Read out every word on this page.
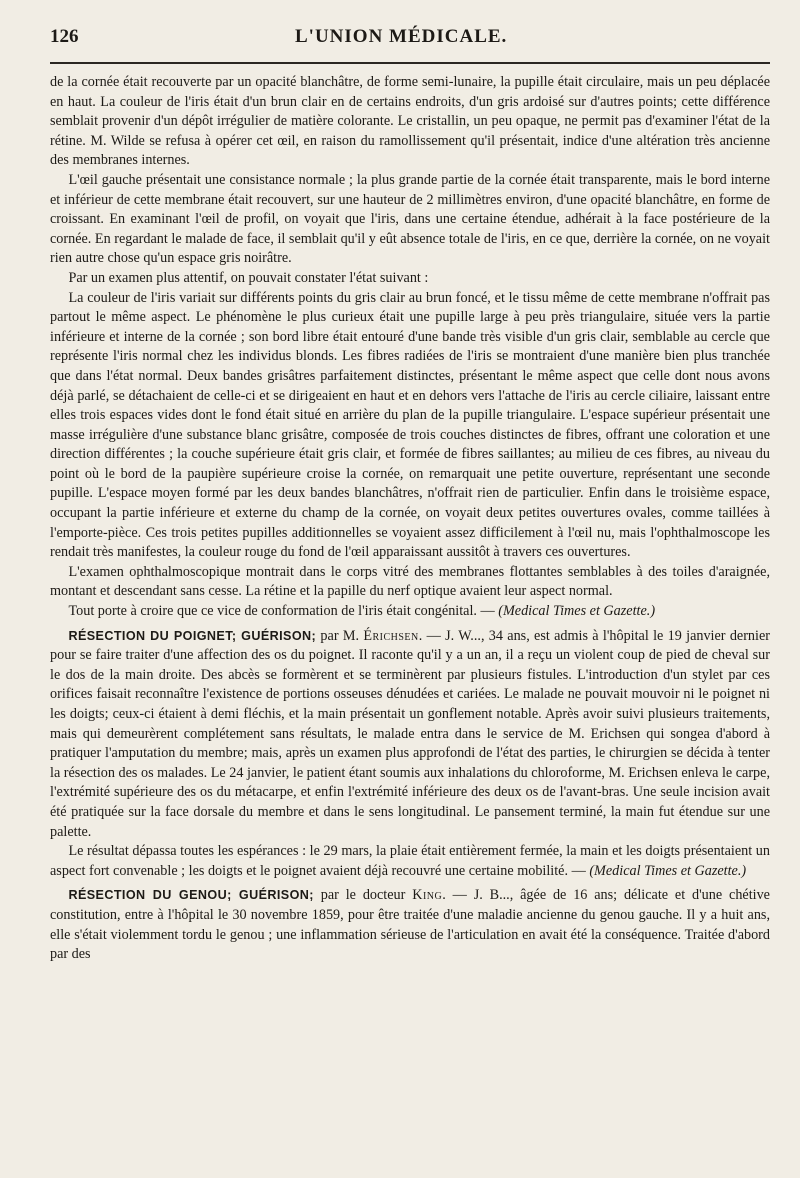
126	L'UNION MÉDICALE.

de la cornée était recouverte par un opacité blanchâtre, de forme semi-lunaire, la pupille était circulaire, mais un peu déplacée en haut. La couleur de l'iris était d'un brun clair en de certains endroits, d'un gris ardoisé sur d'autres points; cette différence semblait provenir d'un dépôt irrégulier de matière colorante. Le cristallin, un peu opaque, ne permit pas d'examiner l'état de la rétine. M. Wilde se refusa à opérer cet œil, en raison du ramollissement qu'il présentait, indice d'une altération très ancienne des membranes internes.

L'œil gauche présentait une consistance normale ; la plus grande partie de la cornée était transparente, mais le bord interne et inférieur de cette membrane était recouvert, sur une hauteur de 2 millimètres environ, d'une opacité blanchâtre, en forme de croissant. En examinant l'œil de profil, on voyait que l'iris, dans une certaine étendue, adhérait à la face postérieure de la cornée. En regardant le malade de face, il semblait qu'il y eût absence totale de l'iris, en ce que, derrière la cornée, on ne voyait rien autre chose qu'un espace gris noirâtre.

Par un examen plus attentif, on pouvait constater l'état suivant :

La couleur de l'iris variait sur différents points du gris clair au brun foncé, et le tissu même de cette membrane n'offrait pas partout le même aspect. Le phénomène le plus curieux était une pupille large à peu près triangulaire, située vers la partie inférieure et interne de la cornée ; son bord libre était entouré d'une bande très visible d'un gris clair, semblable au cercle que représente l'iris normal chez les individus blonds. Les fibres radiées de l'iris se montraient d'une manière bien plus tranchée que dans l'état normal. Deux bandes grisâtres parfaitement distinctes, présentant le même aspect que celle dont nous avons déjà parlé, se détachaient de celle-ci et se dirigeaient en haut et en dehors vers l'attache de l'iris au cercle ciliaire, laissant entre elles trois espaces vides dont le fond était situé en arrière du plan de la pupille triangulaire. L'espace supérieur présentait une masse irrégulière d'une substance blanc grisâtre, composée de trois couches distinctes de fibres, offrant une coloration et une direction différentes ; la couche supérieure était gris clair, et formée de fibres saillantes; au milieu de ces fibres, au niveau du point où le bord de la paupière supérieure croise la cornée, on remarquait une petite ouverture, représentant une seconde pupille. L'espace moyen formé par les deux bandes blanchâtres, n'offrait rien de particulier. Enfin dans le troisième espace, occupant la partie inférieure et externe du champ de la cornée, on voyait deux petites ouvertures ovales, comme taillées à l'emporte-pièce. Ces trois petites pupilles additionnelles se voyaient assez difficilement à l'œil nu, mais l'ophthalmoscope les rendait très manifestes, la couleur rouge du fond de l'œil apparaissant aussitôt à travers ces ouvertures.

L'examen ophthalmoscopique montrait dans le corps vitré des membranes flottantes semblables à des toiles d'araignée, montant et descendant sans cesse. La rétine et la papille du nerf optique avaient leur aspect normal.

Tout porte à croire que ce vice de conformation de l'iris était congénital. — (Medical Times et Gazette.)

RÉSECTION DU POIGNET; GUÉRISON; par M. Érichsen. — J. W..., 34 ans, est admis à l'hôpital le 19 janvier dernier pour se faire traiter d'une affection des os du poignet. Il raconte qu'il y a un an, il a reçu un violent coup de pied de cheval sur le dos de la main droite. Des abcès se formèrent et se terminèrent par plusieurs fistules. L'introduction d'un stylet par ces orifices faisait reconnaître l'existence de portions osseuses dénudées et cariées. Le malade ne pouvait mouvoir ni le poignet ni les doigts; ceux-ci étaient à demi fléchis, et la main présentait un gonflement notable. Après avoir suivi plusieurs traitements, mais qui demeurèrent complétement sans résultats, le malade entra dans le service de M. Erichsen qui songea d'abord à pratiquer l'amputation du membre; mais, après un examen plus approfondi de l'état des parties, le chirurgien se décida à tenter la résection des os malades. Le 24 janvier, le patient étant soumis aux inhalations du chloroforme, M. Erichsen enleva le carpe, l'extrémité supérieure des os du métacarpe, et enfin l'extrémité inférieure des deux os de l'avant-bras. Une seule incision avait été pratiquée sur la face dorsale du membre et dans le sens longitudinal. Le pansement terminé, la main fut étendue sur une palette.

Le résultat dépassa toutes les espérances : le 29 mars, la plaie était entièrement fermée, la main et les doigts présentaient un aspect fort convenable ; les doigts et le poignet avaient déjà recouvré une certaine mobilité. — (Medical Times et Gazette.)

RÉSECTION DU GENOU; GUÉRISON; par le docteur King. — J. B..., âgée de 16 ans; délicate et d'une chétive constitution, entre à l'hôpital le 30 novembre 1859, pour être traitée d'une maladie ancienne du genou gauche. Il y a huit ans, elle s'était violemment tordu le genou ; une inflammation sérieuse de l'articulation en avait été la conséquence. Traitée d'abord par des
